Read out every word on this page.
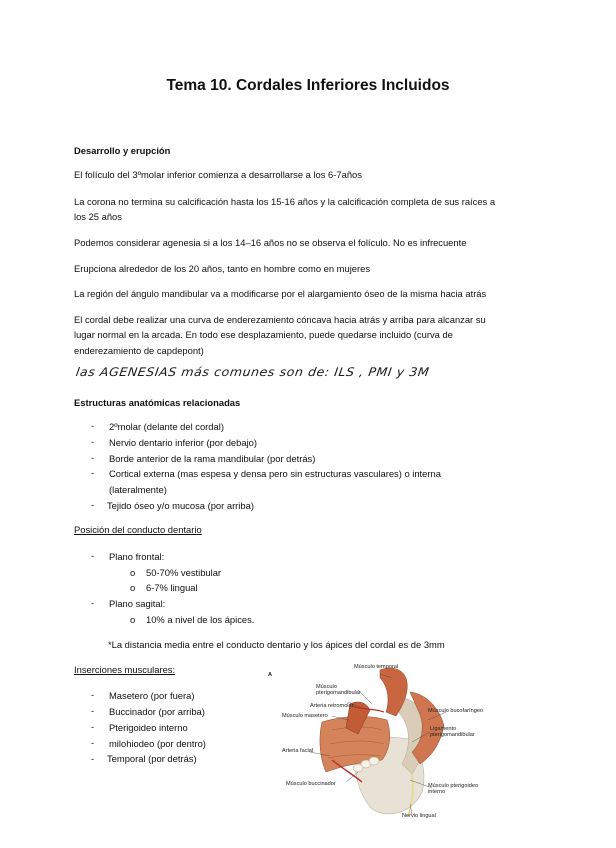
Tema 10. Cordales Inferiores Incluidos
Desarrollo y erupción
El folículo del 3ºmolar inferior comienza a desarrollarse a los 6-7años
La corona no termina su calcificación hasta los 15-16 años y la calcificación completa de sus raíces a
los 25 años
Podemos considerar agenesia si a los 14–16 años no se observa el folículo. No es infrecuente
Erupciona alrededor de los 20 años, tanto en hombre como en mujeres
La región del ángulo mandibular va a modificarse por el alargamiento óseo de la misma hacia atrás
El cordal debe realizar una curva de enderezamiento cóncava hacia atrás y arriba para alcanzar su
lugar normal en la arcada. En todo ese desplazamiento, puede quedarse incluido (curva de
enderezamiento de capdepont)
las AGENESIAS más comunes son de: ILS , PMI y 3M
Estructuras anatómicas relacionadas
- 2ºmolar (delante del cordal)
- Nervio dentario inferior (por debajo)
- Borde anterior de la rama mandibular (por detrás)
- Cortical externa (mas espesa y densa pero sin estructuras vasculares) o interna
(lateralmente)
- Tejido óseo y/o mucosa (por arriba)
Posición del conducto dentario
- Plano frontal:
o 50-70% vestibular
o 6-7% lingual
- Plano sagital:
o 10% a nivel de los ápices.
*La distancia media entre el conducto dentario y los ápices del cordal es de 3mm
Inserciones musculares:
- Masetero (por fuera)
- Buccinador (por arriba)
- Pterigoideo interno
- milohiodeo (por dentro)
- Temporal (por detrás)
A
Músculo temporal
Músculo
pterigomandibular
Arteria retromolar
Músculo masetero
Músculo bucofaríngeo
Ligamento
pterigomandibular
Arteria facial
Músculo buccinador	Músculo pterigoideo
interno
Nervio lingual
